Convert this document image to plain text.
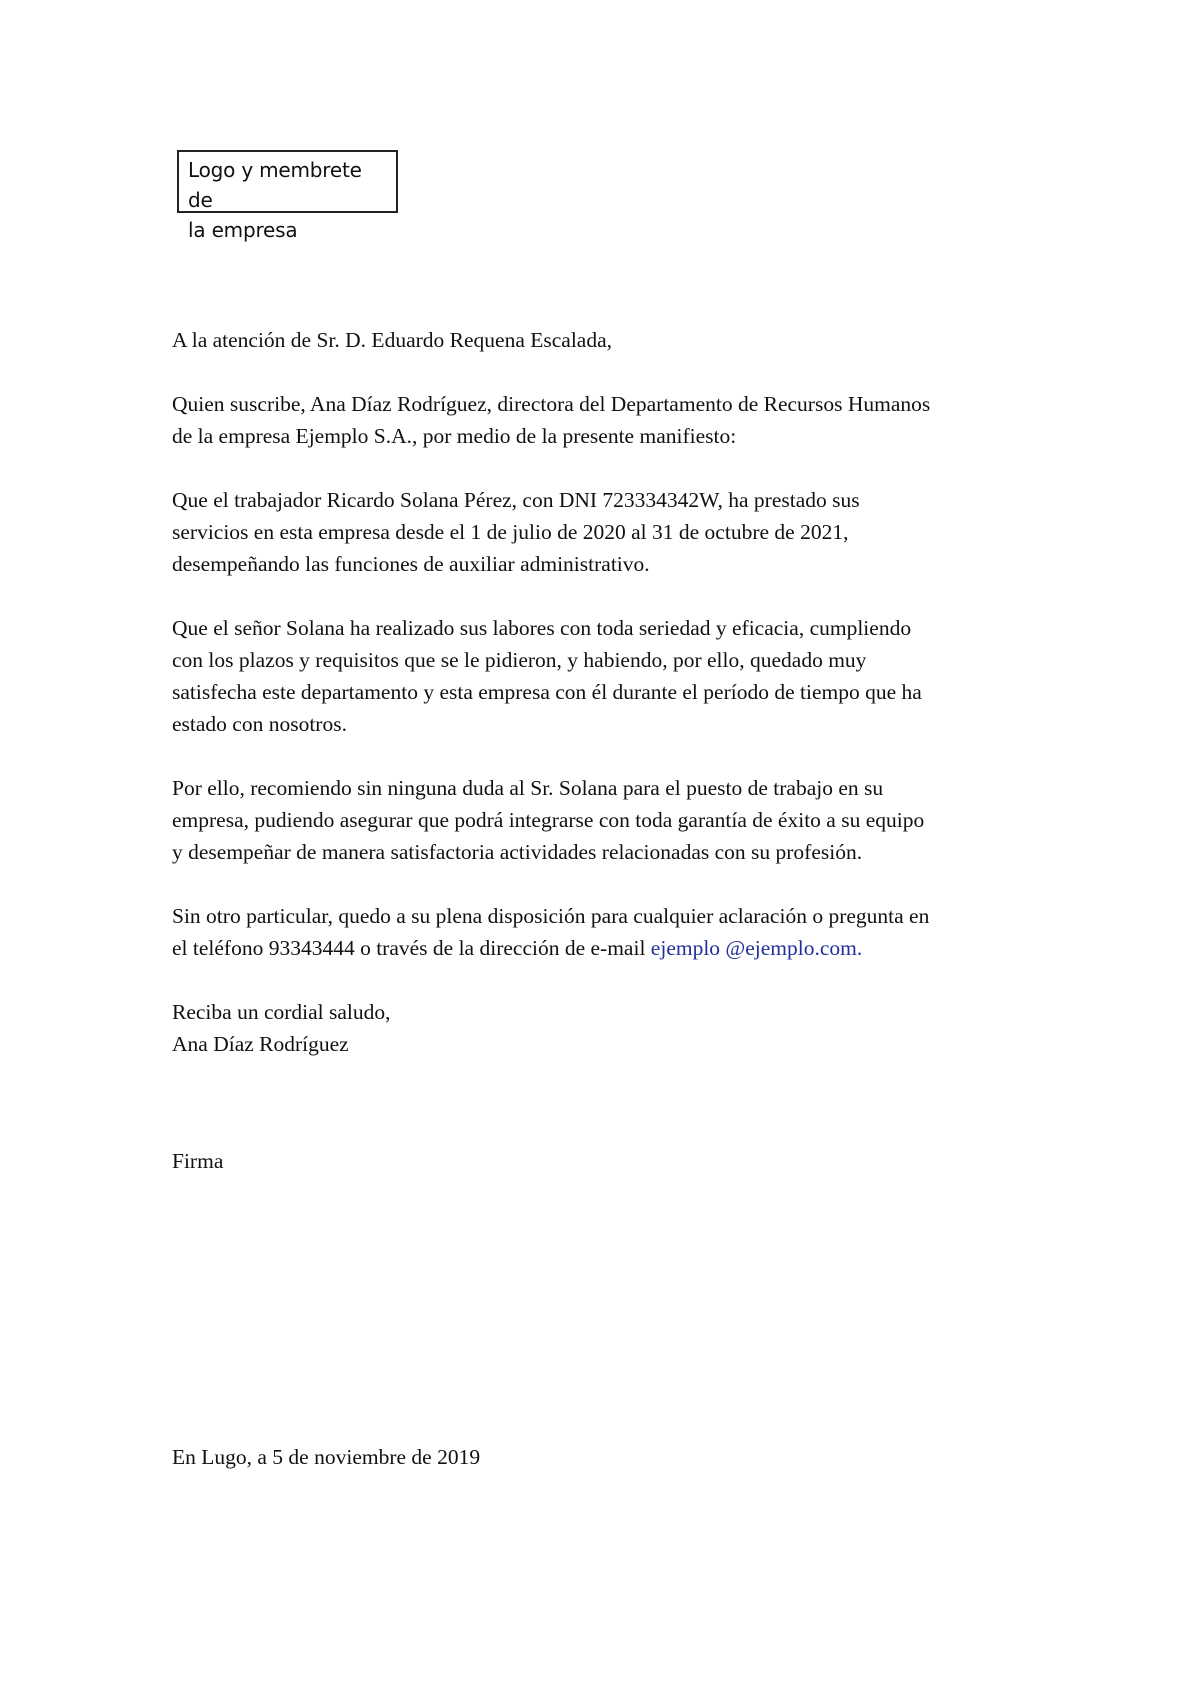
Logo y membrete de
la empresa
A la atención de Sr. D. Eduardo Requena Escalada,
Quien suscribe, Ana Díaz Rodríguez, directora del Departamento de Recursos Humanos
de la empresa Ejemplo S.A., por medio de la presente manifiesto:
Que el trabajador Ricardo Solana Pérez, con DNI 723334342W, ha prestado sus
servicios en esta empresa desde el 1 de julio de 2020 al 31 de octubre de 2021,
desempeñando las funciones de auxiliar administrativo.
Que el señor Solana ha realizado sus labores con toda seriedad y eficacia, cumpliendo
con los plazos y requisitos que se le pidieron, y habiendo, por ello, quedado muy
satisfecha este departamento y esta empresa con él durante el período de tiempo que ha
estado con nosotros.
Por ello, recomiendo sin ninguna duda al Sr. Solana para el puesto de trabajo en su
empresa, pudiendo asegurar que podrá integrarse con toda garantía de éxito a su equipo
y desempeñar de manera satisfactoria actividades relacionadas con su profesión.
Sin otro particular, quedo a su plena disposición para cualquier aclaración o pregunta en
el teléfono 93343444 o través de la dirección de e-mail ejemplo @ejemplo.com.
Reciba un cordial saludo,
Ana Díaz Rodríguez
Firma
En Lugo, a 5 de noviembre de 2019
